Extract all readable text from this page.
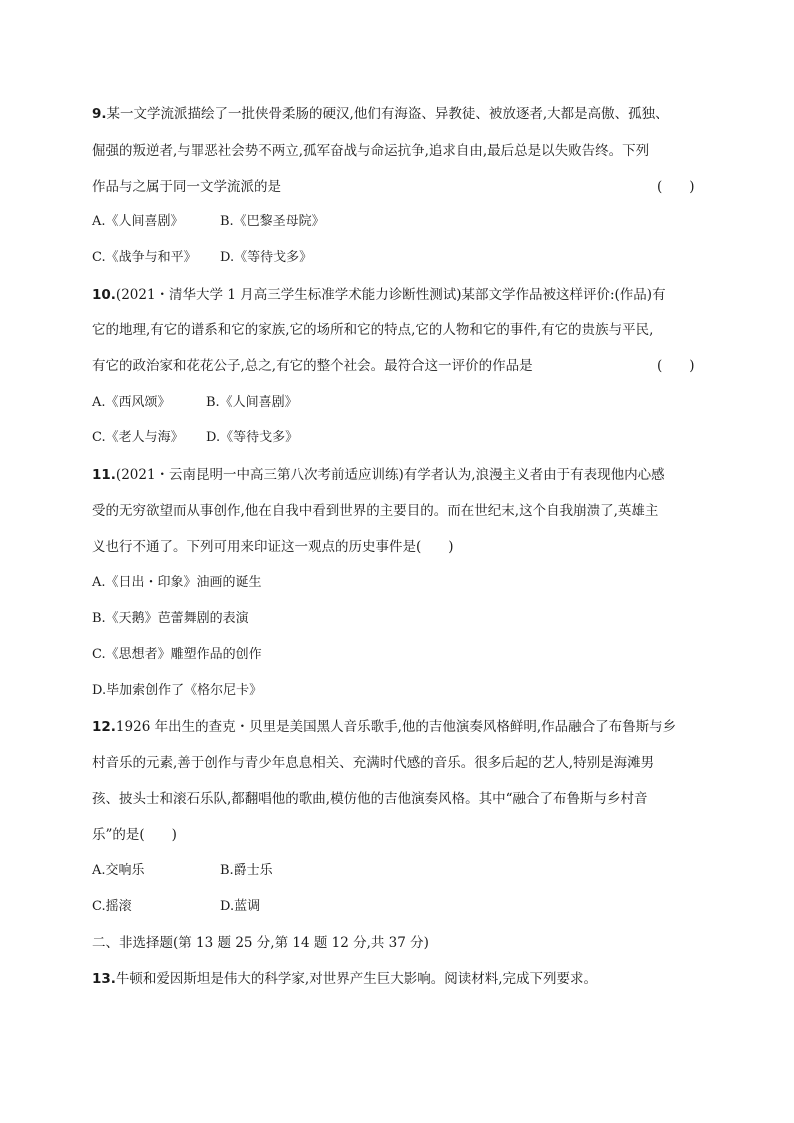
9.某一文学流派描绘了一批侠骨柔肠的硬汉,他们有海盗、异教徒、被放逐者,大都是高傲、孤独、
倔强的叛逆者,与罪恶社会势不两立,孤军奋战与命运抗争,追求自由,最后总是以失败告终。下列
作品与之属于同一文学流派的是	(　　)
A.《人间喜剧》	B.《巴黎圣母院》
C.《战争与和平》 D.《等待戈多》
10.(2021・清华大学 1 月高三学生标准学术能力诊断性测试)某部文学作品被这样评价:(作品)有
它的地理,有它的谱系和它的家族,它的场所和它的特点,它的人物和它的事件,有它的贵族与平民,
有它的政治家和花花公子,总之,有它的整个社会。最符合这一评价的作品是	(　　)
A.《西风颂》	B.《人间喜剧》
C.《老人与海》 D.《等待戈多》
11.(2021・云南昆明一中高三第八次考前适应训练)有学者认为,浪漫主义者由于有表现他内心感
受的无穷欲望而从事创作,他在自我中看到世界的主要目的。而在世纪末,这个自我崩溃了,英雄主
义也行不通了。下列可用来印证这一观点的历史事件是(　　)
A.《日出・印象》油画的诞生
B.《天鹅》芭蕾舞剧的表演
C.《思想者》雕塑作品的创作
D.毕加索创作了《格尔尼卡》
12.1926 年出生的查克・贝里是美国黑人音乐歌手,他的吉他演奏风格鲜明,作品融合了布鲁斯与乡
村音乐的元素,善于创作与青少年息息相关、充满时代感的音乐。很多后起的艺人,特别是海滩男
孩、披头士和滚石乐队,都翻唱他的歌曲,模仿他的吉他演奏风格。其中“融合了布鲁斯与乡村音
乐”的是(　　)
A.交响乐	B.爵士乐
C.摇滚	D.蓝调
二、非选择题(第 13 题 25 分,第 14 题 12 分,共 37 分)
13.牛顿和爱因斯坦是伟大的科学家,对世界产生巨大影响。阅读材料,完成下列要求。
